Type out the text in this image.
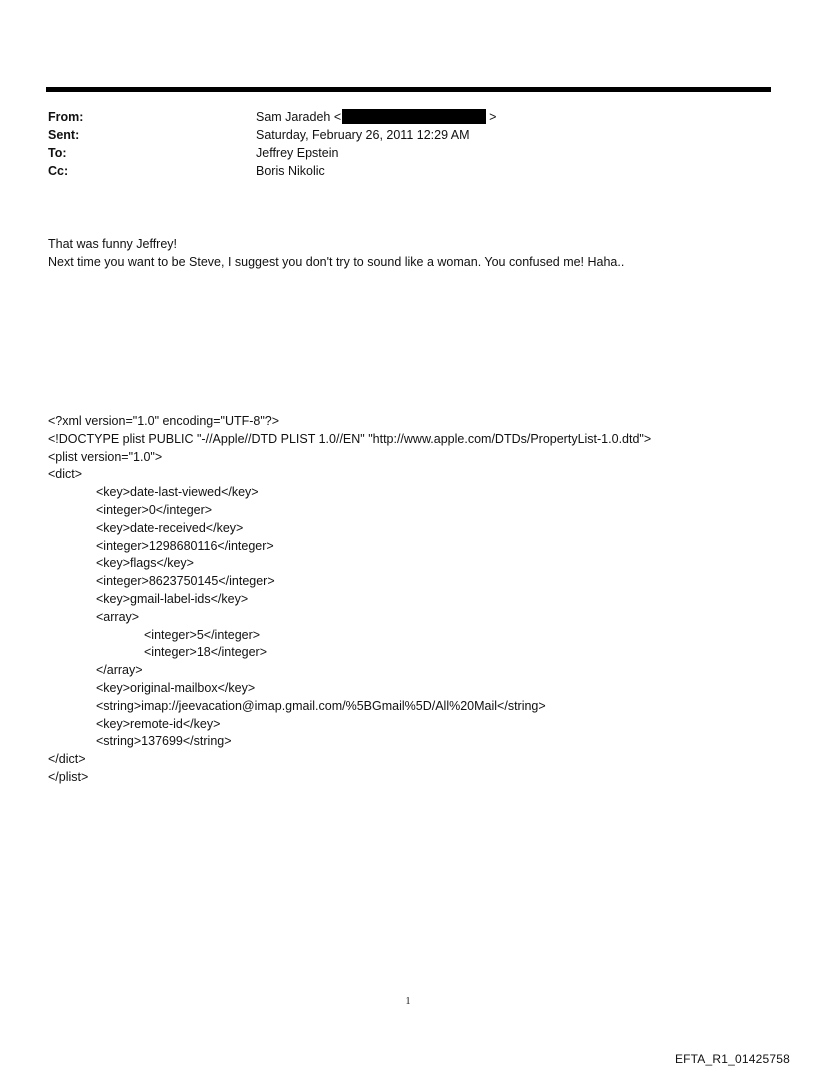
From:	Sam Jaradeh <	>
Sent:	Saturday, February 26, 2011 12:29 AM
To:	Jeffrey Epstein
Cc:	Boris Nikolic
That was funny Jeffrey!
Next time you want to be Steve, I suggest you don't try to sound like a woman. You confused me! Haha..
<?xml version="1.0" encoding="UTF-8"?>
<!DOCTYPE plist PUBLIC "-//Apple//DTD PLIST 1.0//EN" "http://www.apple.com/DTDs/PropertyList-1.0.dtd">
<plist version="1.0">
<dict>
<key>date-last-viewed</key>
<integer>0</integer>
<key>date-received</key>
<integer>1298680116</integer>
<key>flags</key>
<integer>8623750145</integer>
<key>gmail-label-ids</key>
<array>
<integer>5</integer>
<integer>18</integer>
</array>
<key>original-mailbox</key>
<string>imap://jeevacation@imap.gmail.com/%5BGmail%5D/All%20Mail</string>
<key>remote-id</key>
<string>137699</string>
</dict>
</plist>
1
EFTA_R1_01425758
